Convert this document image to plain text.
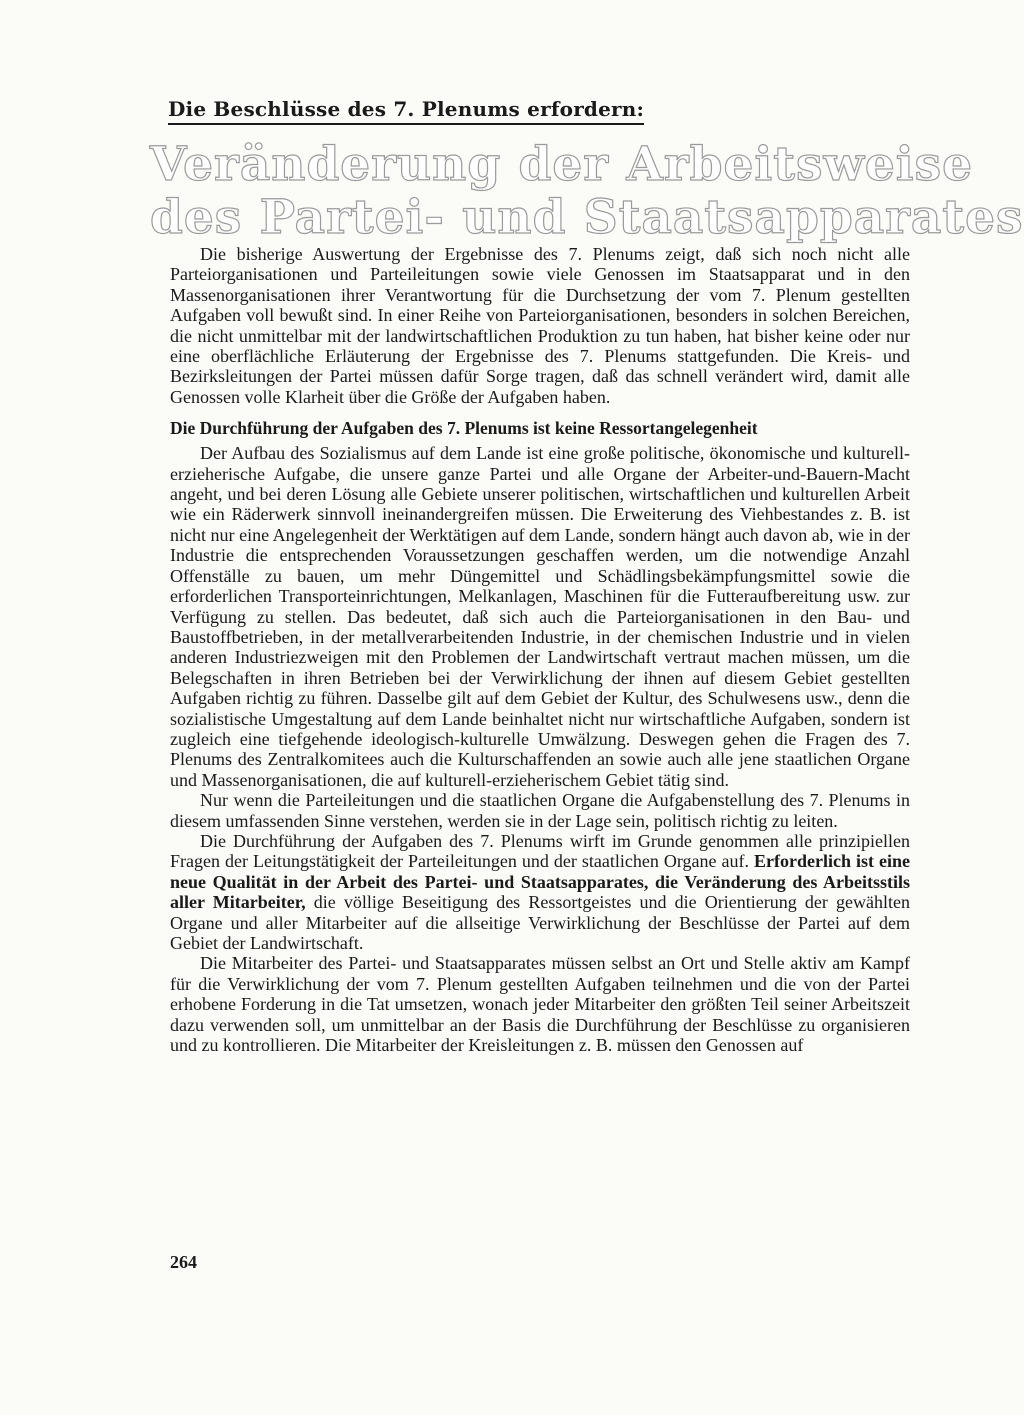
Die Beschlüsse des 7. Plenums erfordern:
Veränderung der Arbeitsweise
des Partei- und Staatsapparates

Die bisherige Auswertung der Ergebnisse des 7. Plenums zeigt, daß sich noch nicht alle Parteiorganisationen und Parteileitungen sowie viele Genossen im Staatsapparat und in den Massenorganisationen ihrer Verantwortung für die Durchsetzung der vom 7. Plenum gestellten Aufgaben voll bewußt sind. In einer Reihe von Parteiorganisationen, besonders in solchen Bereichen, die nicht unmittelbar mit der landwirtschaftlichen Produktion zu tun haben, hat bisher keine oder nur eine oberflächliche Erläuterung der Ergebnisse des 7. Plenums stattgefunden. Die Kreis- und Bezirksleitungen der Partei müssen dafür Sorge tragen, daß das schnell verändert wird, damit alle Genossen volle Klarheit über die Größe der Aufgaben haben.

Die Durchführung der Aufgaben des 7. Plenums ist keine Ressortangelegenheit

Der Aufbau des Sozialismus auf dem Lande ist eine große politische, ökonomische und kulturell-erzieherische Aufgabe, die unsere ganze Partei und alle Organe der Arbeiter-und-Bauern-Macht angeht, und bei deren Lösung alle Gebiete unserer politischen, wirtschaftlichen und kulturellen Arbeit wie ein Räderwerk sinnvoll ineinandergreifen müssen. Die Erweiterung des Viehbestandes z. B. ist nicht nur eine Angelegenheit der Werktätigen auf dem Lande, sondern hängt auch davon ab, wie in der Industrie die entsprechenden Voraussetzungen geschaffen werden, um die notwendige Anzahl Offenställe zu bauen, um mehr Düngemittel und Schädlingsbekämpfungsmittel sowie die erforderlichen Transporteinrichtungen, Melkanlagen, Maschinen für die Futteraufbereitung usw. zur Verfügung zu stellen. Das bedeutet, daß sich auch die Parteiorganisationen in den Bau- und Baustoffbetrieben, in der metallverarbeitenden Industrie, in der chemischen Industrie und in vielen anderen Industriezweigen mit den Problemen der Landwirtschaft vertraut machen müssen, um die Belegschaften in ihren Betrieben bei der Verwirklichung der ihnen auf diesem Gebiet gestellten Aufgaben richtig zu führen. Dasselbe gilt auf dem Gebiet der Kultur, des Schulwesens usw., denn die sozialistische Umgestaltung auf dem Lande beinhaltet nicht nur wirtschaftliche Aufgaben, sondern ist zugleich eine tiefgehende ideologisch-kulturelle Umwälzung. Deswegen gehen die Fragen des 7. Plenums des Zentralkomitees auch die Kulturschaffenden an sowie auch alle jene staatlichen Organe und Massenorganisationen, die auf kulturell-erzieherischem Gebiet tätig sind.

Nur wenn die Parteileitungen und die staatlichen Organe die Aufgabenstellung des 7. Plenums in diesem umfassenden Sinne verstehen, werden sie in der Lage sein, politisch richtig zu leiten.

Die Durchführung der Aufgaben des 7. Plenums wirft im Grunde genommen alle prinzipiellen Fragen der Leitungstätigkeit der Parteileitungen und der staatlichen Organe auf. Erforderlich ist eine neue Qualität in der Arbeit des Partei- und Staatsapparates, die Veränderung des Arbeitsstils aller Mitarbeiter, die völlige Beseitigung des Ressortgeistes und die Orientierung der gewählten Organe und aller Mitarbeiter auf die allseitige Verwirklichung der Beschlüsse der Partei auf dem Gebiet der Landwirtschaft.

Die Mitarbeiter des Partei- und Staatsapparates müssen selbst an Ort und Stelle aktiv am Kampf für die Verwirklichung der vom 7. Plenum gestellten Aufgaben teilnehmen und die von der Partei erhobene Forderung in die Tat umsetzen, wonach jeder Mitarbeiter den größten Teil seiner Arbeitszeit dazu verwenden soll, um unmittelbar an der Basis die Durchführung der Beschlüsse zu organisieren und zu kontrollieren. Die Mitarbeiter der Kreisleitungen z. B. müssen den Genossen auf

264
